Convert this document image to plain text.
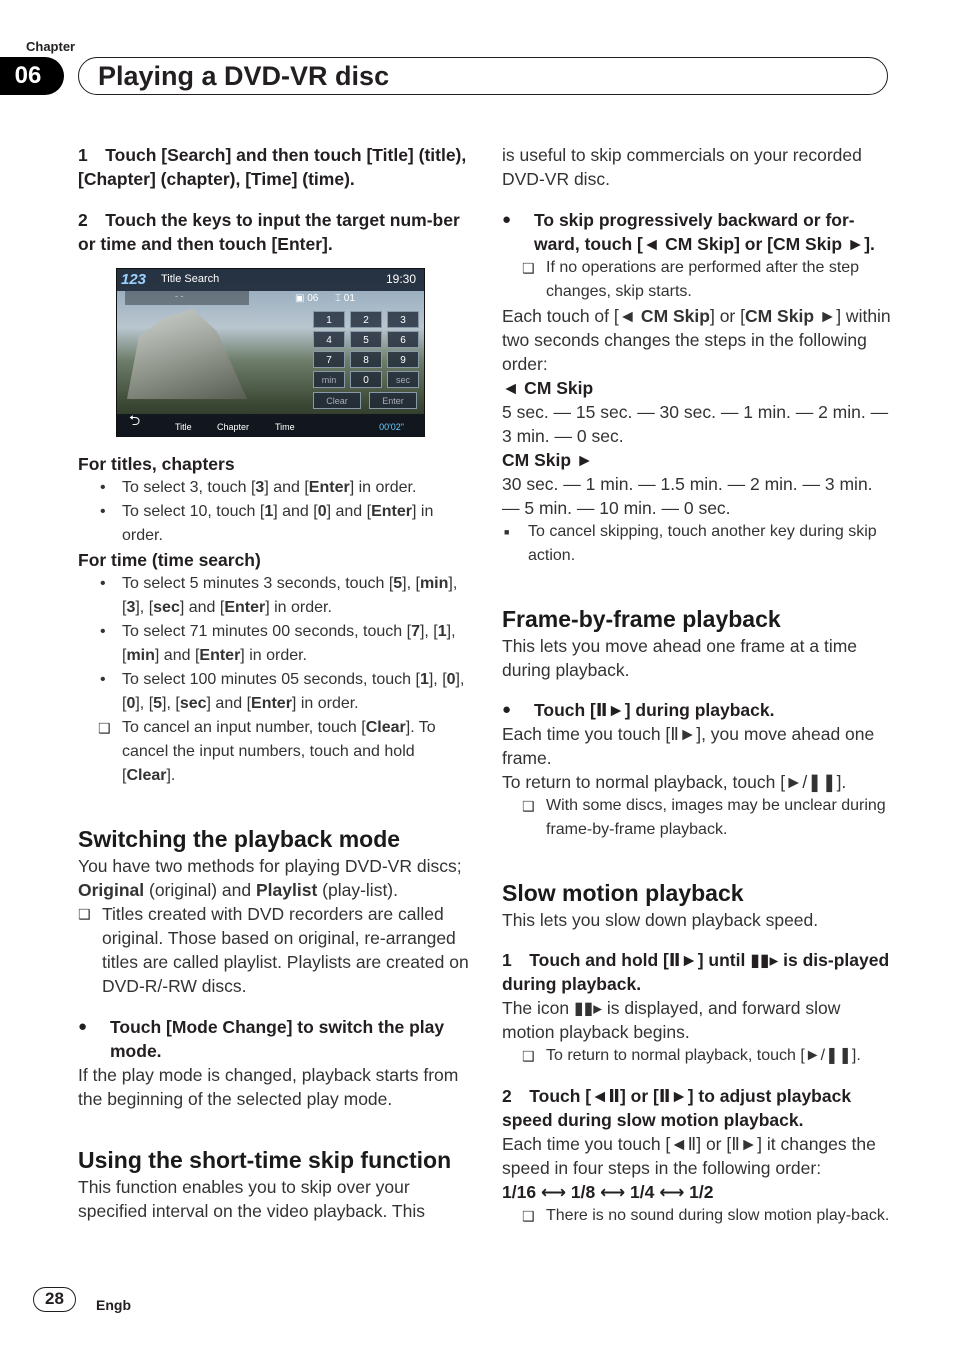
Chapter
06	Playing a DVD-VR disc

1 Touch [Search] and then touch [Title] (title), [Chapter] (chapter), [Time] (time).

2 Touch the keys to input the target num-ber or time and then touch [Enter].

123 Title Search	19:30
- -	▣ 06 ⌶ 01
1	2	3
4	5	6
7	8	9
min	0	sec
Clear	Enter
⮌	Title	Chapter	Time	00'02"

For titles, chapters

• To select 3, touch [3] and [Enter] in order.

• To select 10, touch [1] and [0] and [Enter] in order.

For time (time search)

• To select 5 minutes 3 seconds, touch [5], [min], [3], [sec] and [Enter] in order.

• To select 71 minutes 00 seconds, touch [7], [1], [min] and [Enter] in order.

• To select 100 minutes 05 seconds, touch [1], [0], [0], [5], [sec] and [Enter] in order.

❑ To cancel an input number, touch [Clear]. To cancel the input numbers, touch and hold [Clear].

Switching the playback mode

You have two methods for playing DVD-VR discs; Original (original) and Playlist (play-list).

❑ Titles created with DVD recorders are called original. Those based on original, re-arranged titles are called playlist. Playlists are created on DVD-R/-RW discs.

● Touch [Mode Change] to switch the play mode.

If the play mode is changed, playback starts from the beginning of the selected play mode.

Using the short-time skip function

This function enables you to skip over your specified interval on the video playback. This

is useful to skip commercials on your recorded DVD-VR disc.

● To skip progressively backward or for-ward, touch [◄ CM Skip] or [CM Skip ►].

❑ If no operations are performed after the step changes, skip starts.

Each touch of [◄ CM Skip] or [CM Skip ►] within two seconds changes the steps in the following order:

◄ CM Skip

5 sec. — 15 sec. — 30 sec. — 1 min. — 2 min. — 3 min. — 0 sec.

CM Skip ►

30 sec. — 1 min. — 1.5 min. — 2 min. — 3 min. — 5 min. — 10 min. — 0 sec.

■ To cancel skipping, touch another key during skip action.

Frame-by-frame playback

This lets you move ahead one frame at a time during playback.

● Touch [Ⅱ►] during playback.

Each time you touch [Ⅱ►], you move ahead one frame.

To return to normal playback, touch [►/❚❚].

❑ With some discs, images may be unclear during frame-by-frame playback.

Slow motion playback

This lets you slow down playback speed.

1 Touch and hold [Ⅱ►] until ▮▮▸ is dis-played during playback.

The icon ▮▮▸ is displayed, and forward slow motion playback begins.

❑ To return to normal playback, touch [►/❚❚].

2 Touch [◄Ⅱ] or [Ⅱ►] to adjust playback speed during slow motion playback.

Each time you touch [◄Ⅱ] or [Ⅱ►] it changes the speed in four steps in the following order:

1/16 ⟷ 1/8 ⟷ 1/4 ⟷ 1/2

❑ There is no sound during slow motion play-back.

28	Engb
